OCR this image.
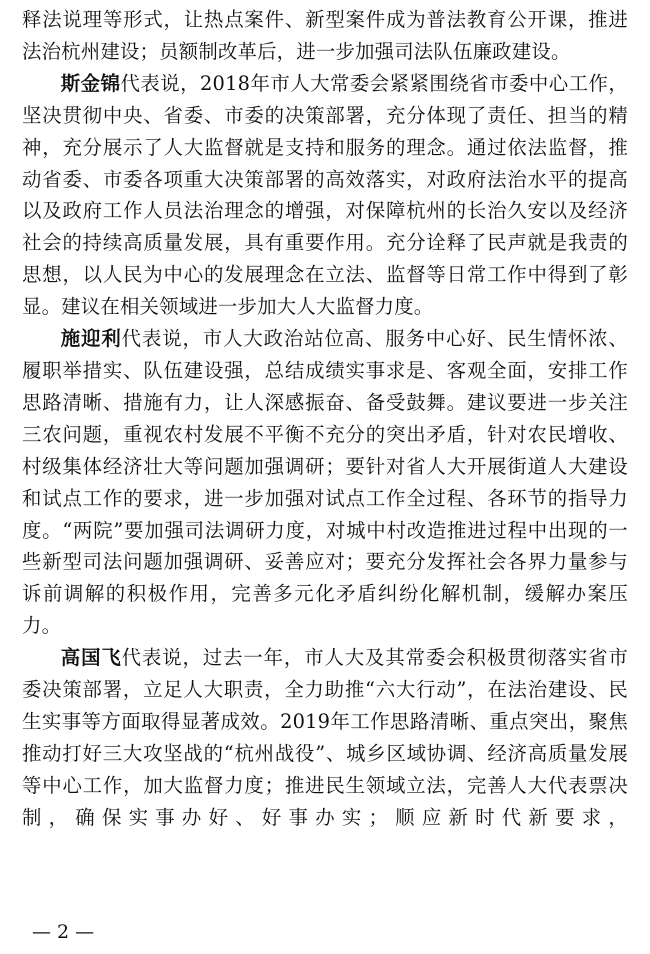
释法说理等形式，让热点案件、新型案件成为普法教育公开课，推进法治杭州建设；员额制改革后，进一步加强司法队伍廉政建设。

斯金锦代表说，2018年市人大常委会紧紧围绕省市委中心工作，坚决贯彻中央、省委、市委的决策部署，充分体现了责任、担当的精神，充分展示了人大监督就是支持和服务的理念。通过依法监督，推动省委、市委各项重大决策部署的高效落实，对政府法治水平的提高以及政府工作人员法治理念的增强，对保障杭州的长治久安以及经济社会的持续高质量发展，具有重要作用。充分诠释了民声就是我责的思想，以人民为中心的发展理念在立法、监督等日常工作中得到了彰显。建议在相关领域进一步加大人大监督力度。

施迎利代表说，市人大政治站位高、服务中心好、民生情怀浓、履职举措实、队伍建设强，总结成绩实事求是、客观全面，安排工作思路清晰、措施有力，让人深感振奋、备受鼓舞。建议要进一步关注三农问题，重视农村发展不平衡不充分的突出矛盾，针对农民增收、村级集体经济壮大等问题加强调研；要针对省人大开展街道人大建设和试点工作的要求，进一步加强对试点工作全过程、各环节的指导力度。“两院”要加强司法调研力度，对城中村改造推进过程中出现的一些新型司法问题加强调研、妥善应对；要充分发挥社会各界力量参与诉前调解的积极作用，完善多元化矛盾纠纷化解机制，缓解办案压力。

高国飞代表说，过去一年，市人大及其常委会积极贯彻落实省市委决策部署，立足人大职责，全力助推“六大行动”，在法治建设、民生实事等方面取得显著成效。2019年工作思路清晰、重点突出，聚焦推动打好三大攻坚战的“杭州战役”、城乡区域协调、经济高质量发展等中心工作，加大监督力度；推进民生领域立法，完善人大代表票决制，确保实事办好、好事办实；顺应新时代新要求，

— 2 —
